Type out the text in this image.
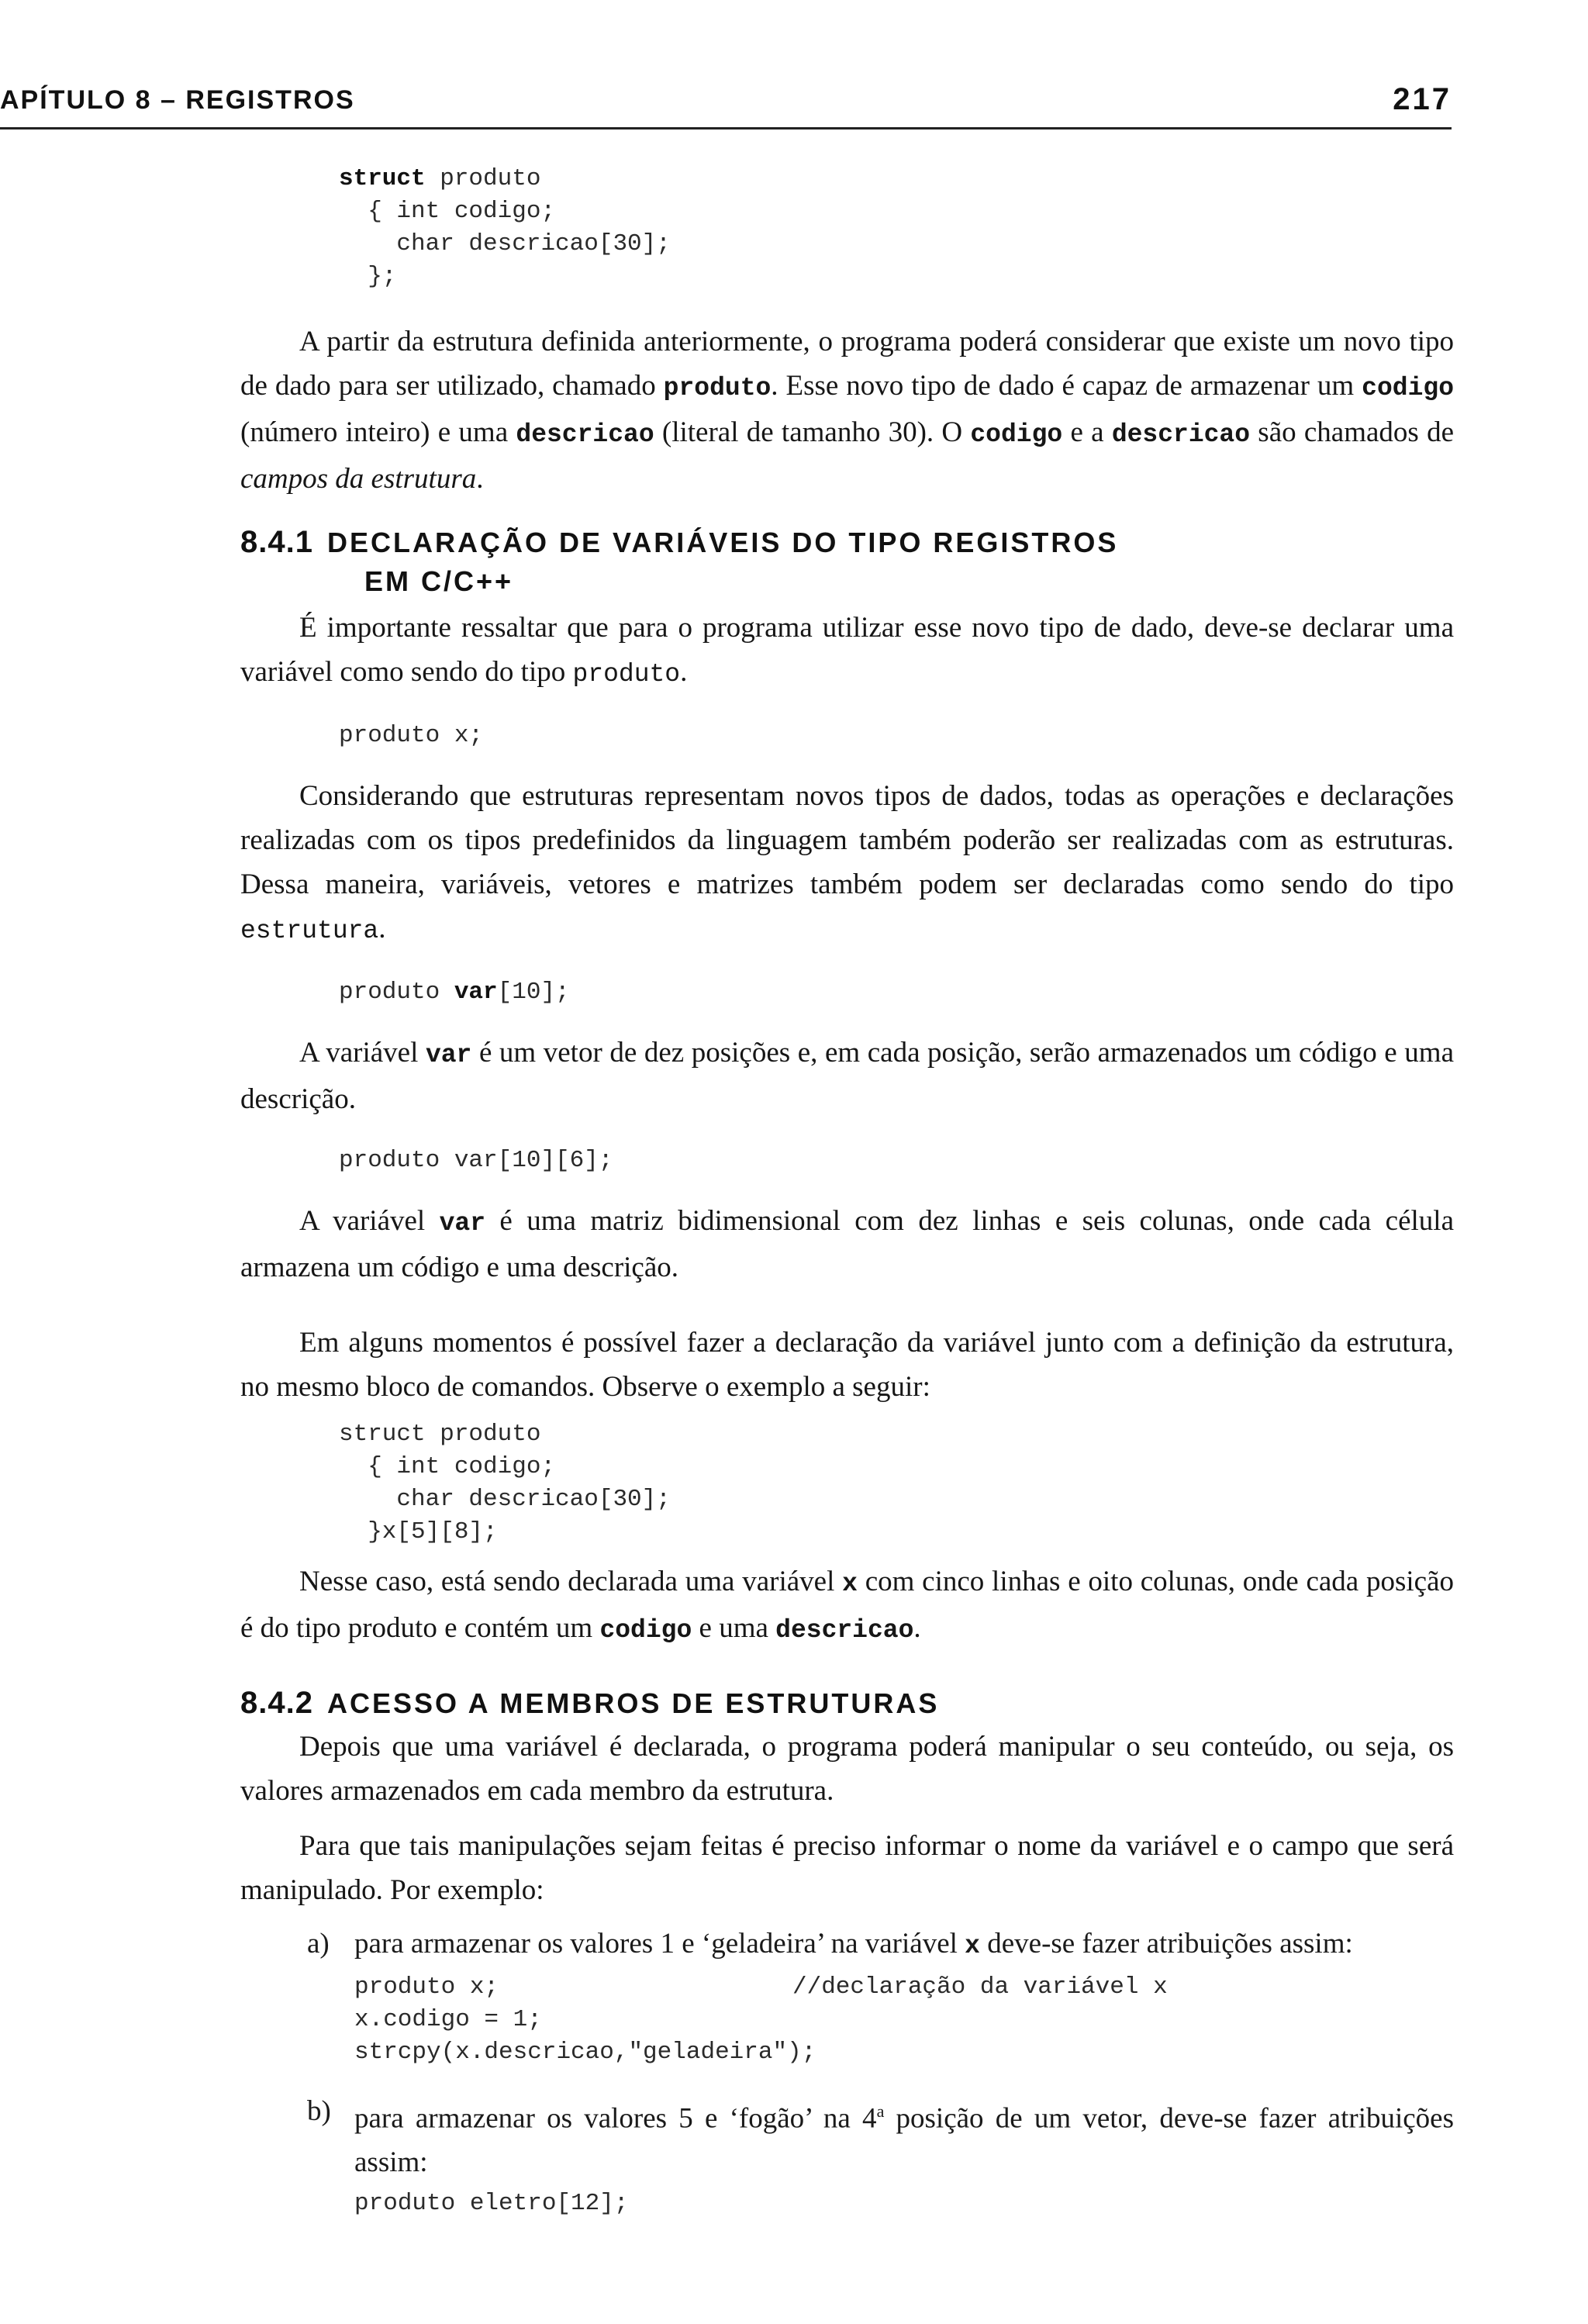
APÍTULO 8 – REGISTROS	217
struct produto
{ int codigo;
char descricao[30];
};

A partir da estrutura definida anteriormente, o programa poderá considerar que existe um novo tipo de dado para ser utilizado, chamado produto. Esse novo tipo de dado é capaz de armazenar um codigo (número inteiro) e uma descricao (literal de tamanho 30). O codigo e a descricao são chamados de campos da estrutura.

8.4.1 DECLARAÇÃO DE VARIÁVEIS DO TIPO REGISTROS
EM C/C++

É importante ressaltar que para o programa utilizar esse novo tipo de dado, deve-se declarar uma variável como sendo do tipo produto.

produto x;

Considerando que estruturas representam novos tipos de dados, todas as operações e declarações realizadas com os tipos predefinidos da linguagem também poderão ser realizadas com as estruturas. Dessa maneira, variáveis, vetores e matrizes também podem ser declaradas como sendo do tipo estrutura.

produto var[10];

A variável var é um vetor de dez posições e, em cada posição, serão armazenados um código e uma descrição.

produto var[10][6];

A variável var é uma matriz bidimensional com dez linhas e seis colunas, onde cada célula armazena um código e uma descrição.

Em alguns momentos é possível fazer a declaração da variável junto com a definição da estrutura, no mesmo bloco de comandos. Observe o exemplo a seguir:

struct produto
{ int codigo;
char descricao[30];
}x[5][8];

Nesse caso, está sendo declarada uma variável x com cinco linhas e oito colunas, onde cada posição é do tipo produto e contém um codigo e uma descricao.

8.4.2 ACESSO A MEMBROS DE ESTRUTURAS

Depois que uma variável é declarada, o programa poderá manipular o seu conteúdo, ou seja, os valores armazenados em cada membro da estrutura.

Para que tais manipulações sejam feitas é preciso informar o nome da variável e o campo que será manipulado. Por exemplo:

a) para armazenar os valores 1 e ‘geladeira’ na variável x deve-se fazer atribuições assim:
produto x;	//declaração da variável x

x.codigo = 1;
strcpy(x.descricao,"geladeira");
b) para armazenar os valores 5 e ‘fogão’ na 4$^a$ posição de um vetor, deve-se fazer atribuições assim:
produto eletro[12];
